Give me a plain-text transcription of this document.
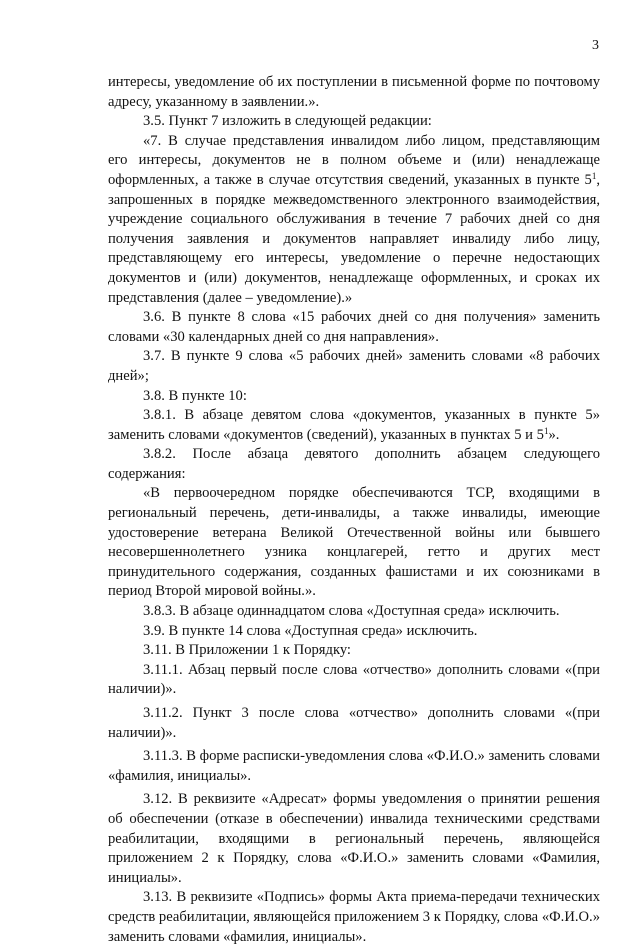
3

интересы, уведомление об их поступлении в письменной форме по почтовому адресу, указанному в заявлении.».

3.5. Пункт 7 изложить в следующей редакции:

«7. В случае представления инвалидом либо лицом, представляющим его интересы, документов не в полном объеме и (или) ненадлежаще оформленных, а также в случае отсутствия сведений, указанных в пункте $5^1$, запрошенных в порядке межведомственного электронного взаимодействия, учреждение социального обслуживания в течение 7 рабочих дней со дня получения заявления и документов направляет инвалиду либо лицу, представляющему его интересы, уведомление о перечне недостающих документов и (или) документов, ненадлежаще оформленных, и сроках их представления (далее – уведомление).»

3.6. В пункте 8 слова «15 рабочих дней со дня получения» заменить словами «30 календарных дней со дня направления».

3.7. В пункте 9 слова «5 рабочих дней» заменить словами «8 рабочих дней»;

3.8. В пункте 10:

3.8.1. В абзаце девятом слова «документов, указанных в пункте 5» заменить словами «документов (сведений), указанных в пунктах 5 и $5^1$».

3.8.2. После абзаца девятого дополнить абзацем следующего содержания:

«В первоочередном порядке обеспечиваются ТСР, входящими в региональный перечень, дети-инвалиды, а также инвалиды, имеющие удостоверение ветерана Великой Отечественной войны или бывшего несовершеннолетнего узника концлагерей, гетто и других мест принудительного содержания, созданных фашистами и их союзниками в период Второй мировой войны.».

3.8.3. В абзаце одиннадцатом слова «Доступная среда» исключить.

3.9. В пункте 14 слова «Доступная среда» исключить.

3.11. В Приложении 1 к Порядку:

3.11.1. Абзац первый после слова «отчество» дополнить словами «(при наличии)».

3.11.2. Пункт 3 после слова «отчество» дополнить словами «(при наличии)».

3.11.3. В форме расписки-уведомления слова «Ф.И.О.» заменить словами «фамилия, инициалы».

3.12. В реквизите «Адресат» формы уведомления о принятии решения об обеспечении (отказе в обеспечении) инвалида техническими средствами реабилитации, входящими в региональный перечень, являющейся приложением 2 к Порядку, слова «Ф.И.О.» заменить словами «Фамилия, инициалы».

3.13. В реквизите «Подпись» формы Акта приема-передачи технических средств реабилитации, являющейся приложением 3 к Порядку, слова «Ф.И.О.» заменить словами «фамилия, инициалы».
